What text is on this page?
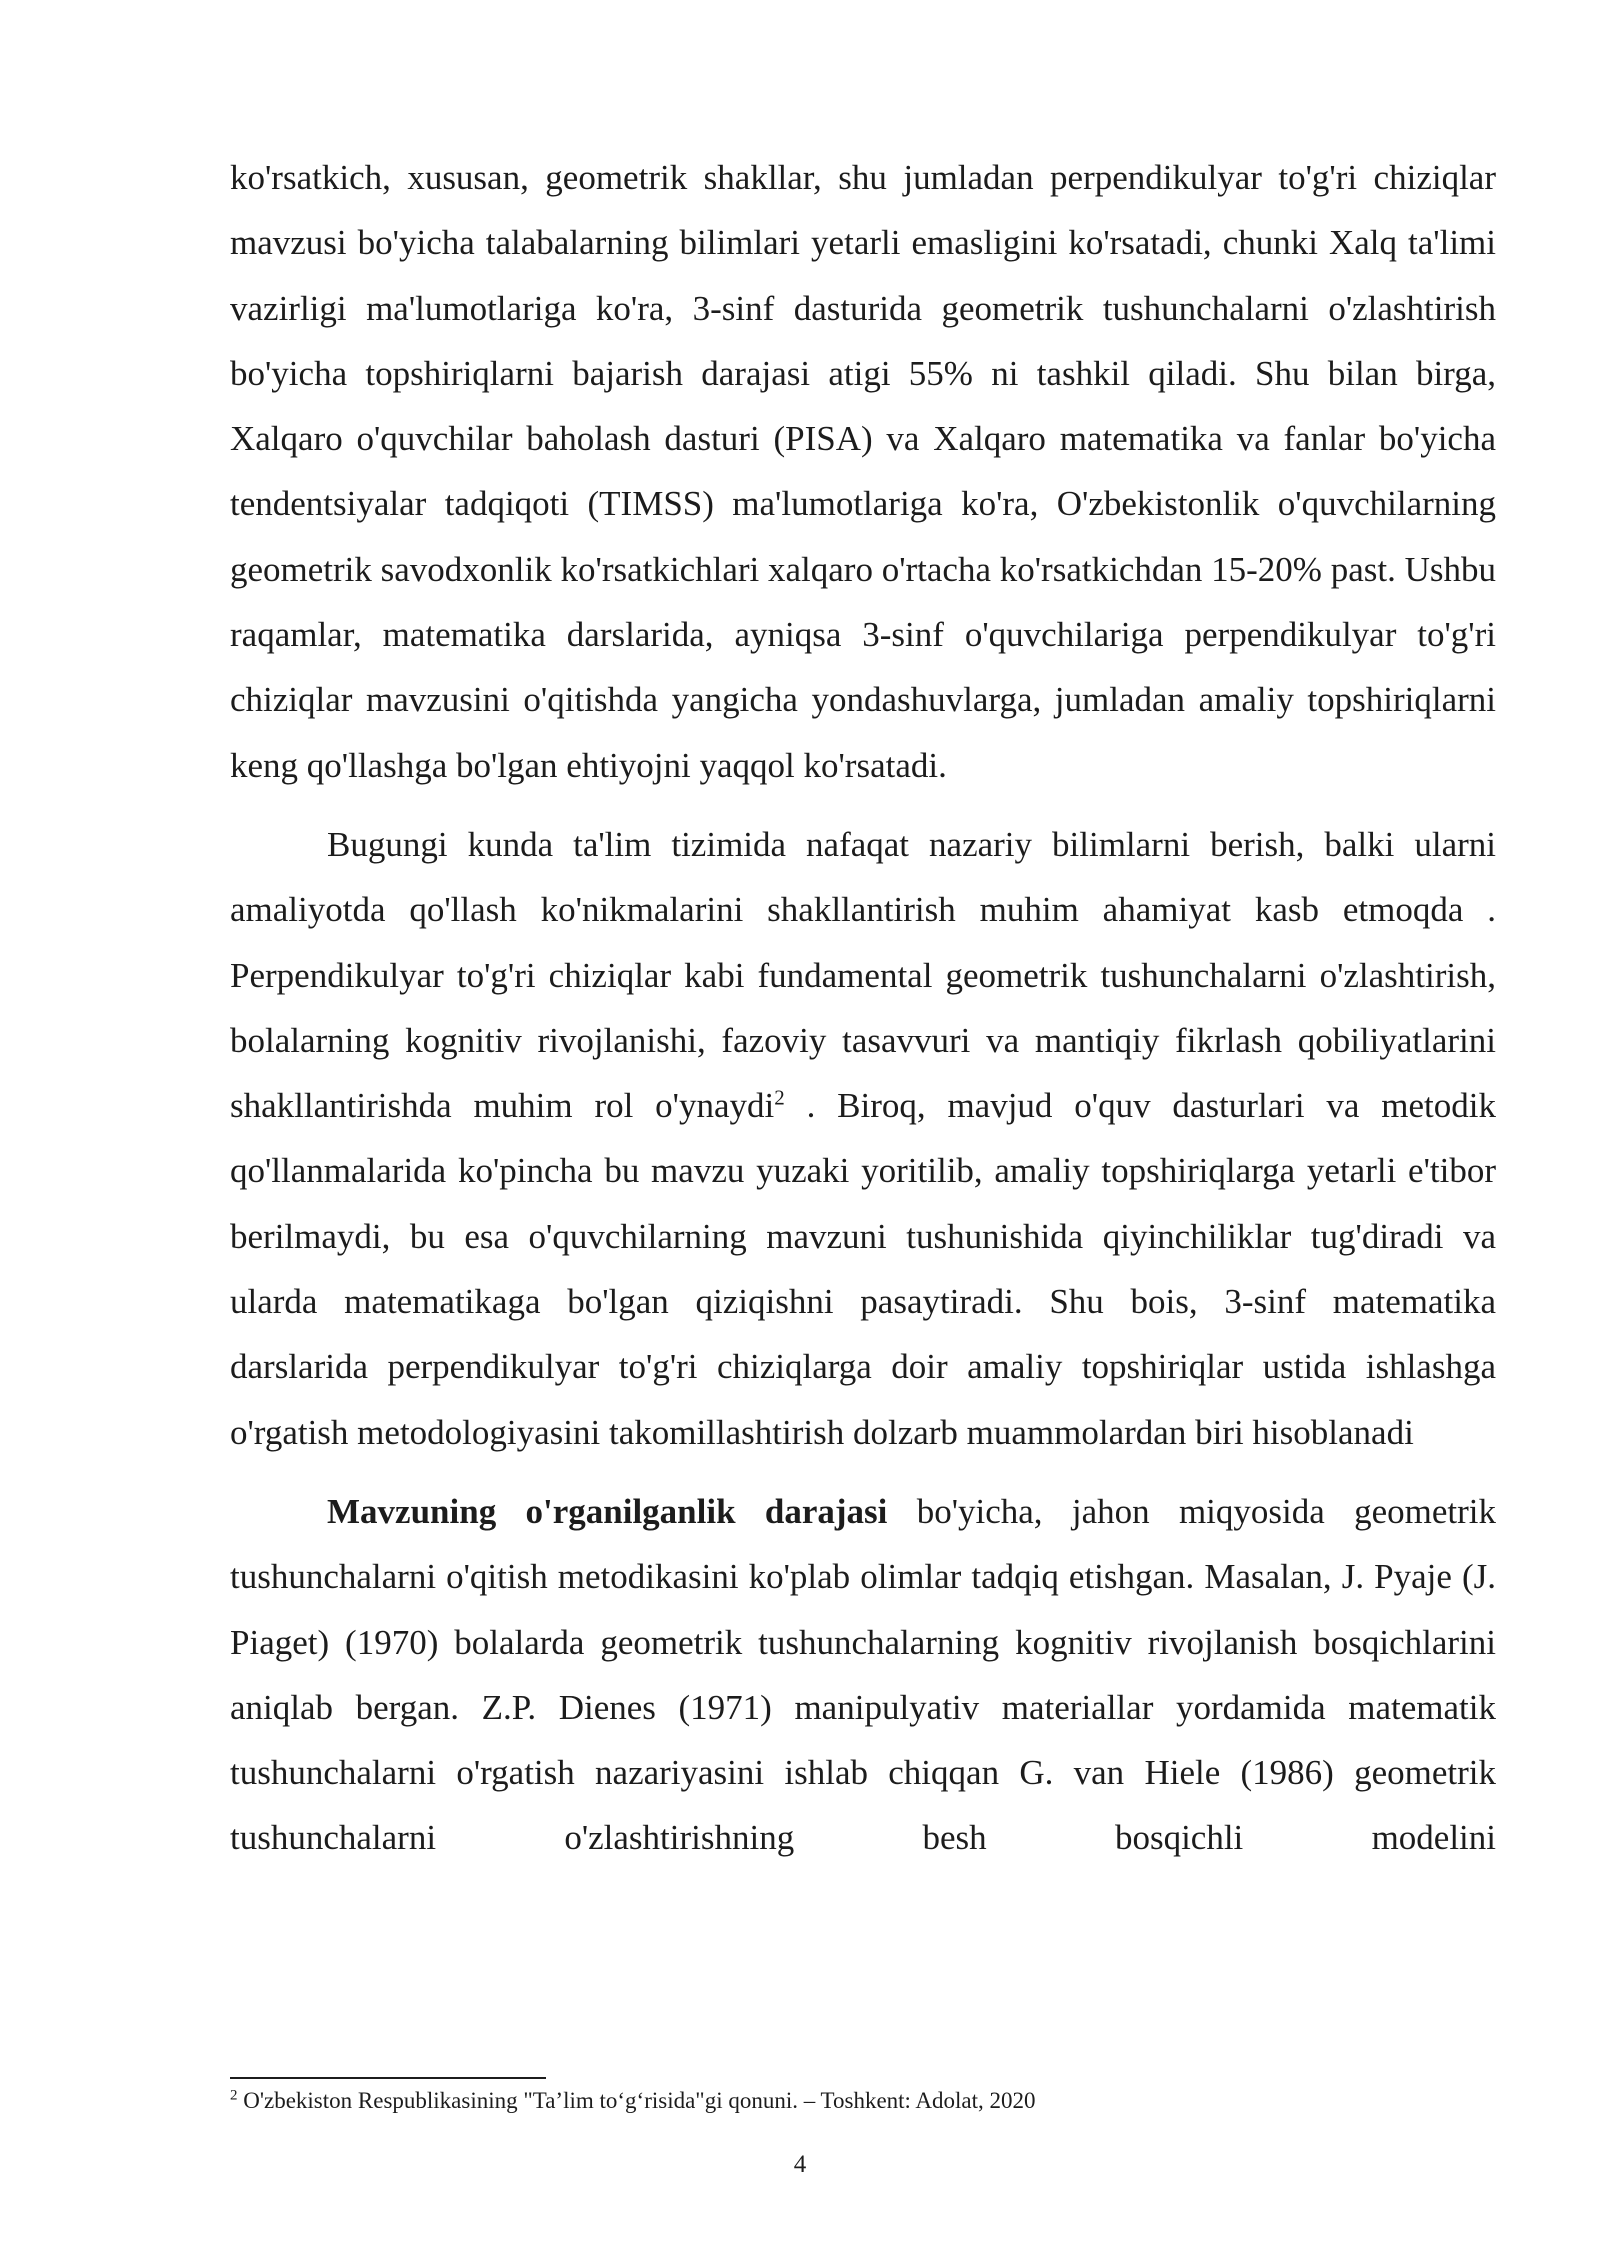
ko'rsatkich, xususan, geometrik shakllar, shu jumladan perpendikulyar to'g'ri chiziqlar mavzusi bo'yicha talabalarning bilimlari yetarli emasligini ko'rsatadi, chunki Xalq ta'limi vazirligi ma'lumotlariga ko'ra, 3-sinf dasturida geometrik tushunchalarni o'zlashtirish bo'yicha topshiriqlarni bajarish darajasi atigi 55% ni tashkil qiladi. Shu bilan birga, Xalqaro o'quvchilar baholash dasturi (PISA) va Xalqaro matematika va fanlar bo'yicha tendentsiyalar tadqiqoti (TIMSS) ma'lumotlariga ko'ra, O'zbekistonlik o'quvchilarning geometrik savodxonlik ko'rsatkichlari xalqaro o'rtacha ko'rsatkichdan 15-20% past. Ushbu raqamlar, matematika darslarida, ayniqsa 3-sinf o'quvchilariga perpendikulyar to'g'ri chiziqlar mavzusini o'qitishda yangicha yondashuvlarga, jumladan amaliy topshiriqlarni keng qo'llashga bo'lgan ehtiyojni yaqqol ko'rsatadi.

Bugungi kunda ta'lim tizimida nafaqat nazariy bilimlarni berish, balki ularni amaliyotda qo'llash ko'nikmalarini shakllantirish muhim ahamiyat kasb etmoqda . Perpendikulyar to'g'ri chiziqlar kabi fundamental geometrik tushunchalarni o'zlashtirish, bolalarning kognitiv rivojlanishi, fazoviy tasavvuri va mantiqiy fikrlash qobiliyatlarini shakllantirishda muhim rol o'ynaydi$^2$ . Biroq, mavjud o'quv dasturlari va metodik qo'llanmalarida ko'pincha bu mavzu yuzaki yoritilib, amaliy topshiriqlarga yetarli e'tibor berilmaydi, bu esa o'quvchilarning mavzuni tushunishida qiyinchiliklar tug'diradi va ularda matematikaga bo'lgan qiziqishni pasaytiradi. Shu bois, 3-sinf matematika darslarida perpendikulyar to'g'ri chiziqlarga doir amaliy topshiriqlar ustida ishlashga o'rgatish metodologiyasini takomillashtirish dolzarb muammolardan biri hisoblanadi

Mavzuning o'rganilganlik darajasi bo'yicha, jahon miqyosida geometrik tushunchalarni o'qitish metodikasini ko'plab olimlar tadqiq etishgan. Masalan, J. Pyaje (J. Piaget) (1970) bolalarda geometrik tushunchalarning kognitiv rivojlanish bosqichlarini aniqlab bergan. Z.P. Dienes (1971) manipulyativ materiallar yordamida matematik tushunchalarni o'rgatish nazariyasini ishlab chiqqan G. van Hiele (1986) geometrik tushunchalarni o'zlashtirishning besh bosqichli modelini

$^2$ O'zbekiston Respublikasining "Ta’lim to‘g‘risida"gi qonuni. – Toshkent: Adolat, 2020
4
